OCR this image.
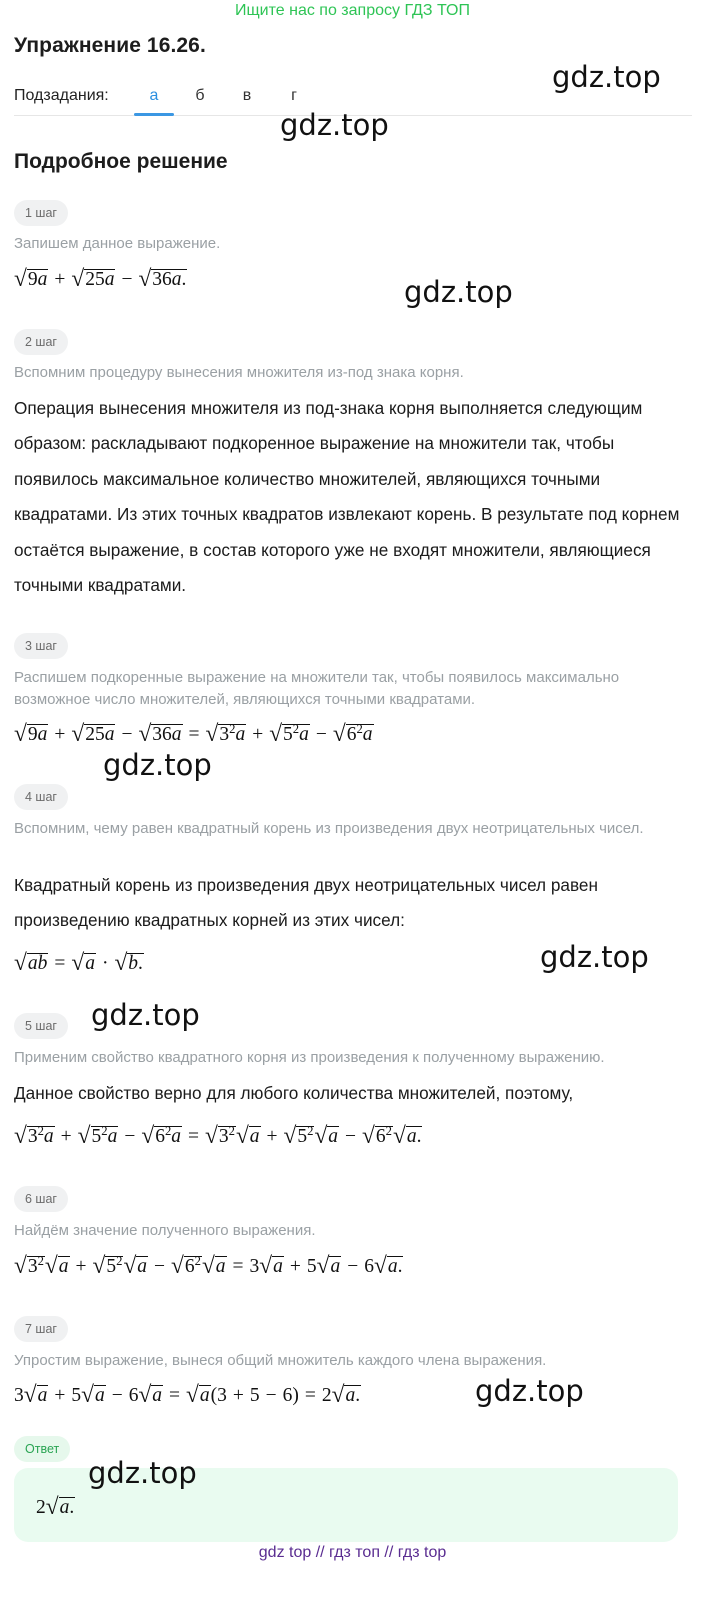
Ищите нас по запросу ГДЗ ТОП
Упражнение 16.26.
Подзадания:	а	б	в	г
gdz.top
gdz.top
Подробное решение
1 шаг
Запишем данное выражение.
√9a + √25a − √36a.	gdz.top
2 шаг
Вспомним процедуру вынесения множителя из-под знака корня.
Операция вынесения множителя из под-знака корня выполняется следующим образом: раскладывают подкоренное выражение на множители так, чтобы появилось максимальное количество множителей, являющихся точными квадратами. Из этих точных квадратов извлекают корень. В результате под корнем остаётся выражение, в состав которого уже не входят множители, являющиеся точными квадратами.
3 шаг
Распишем подкоренные выражение на множители так, чтобы появилось максимально возможное число множителей, являющихся точными квадратами.
$√9a + √25a - √36a = √3^2a + √5^2a - √6^2a$
gdz.top
4 шаг
Вспомним, чему равен квадратный корень из произведения двух неотрицательных чисел.
Квадратный корень из произведения двух неотрицательных чисел равен произведению квадратных корней из этих чисел:
√ab = √a · √b.	gdz.top
gdz.top
5 шаг
Применим свойство квадратного корня из произведения к полученному выражению.
Данное свойство верно для любого количества множителей, поэтому,
$√3^2a + √5^2a - √6^2a = √3^2√a + √5^2√a - √6^2√a$.
6 шаг
Найдём значение полученного выражения.
$√3^2√a + √5^2√a - √6^2√a = 3√a + 5√a - 6√a$.
7 шаг
Упростим выражение, вынеся общий множитель каждого члена выражения.
3√a + 5√a − 6√a = √a(3 + 5 − 6) = 2√a.	gdz.top
Ответ
2√a.
gdz.top
gdz top // гдз топ // гдз top
